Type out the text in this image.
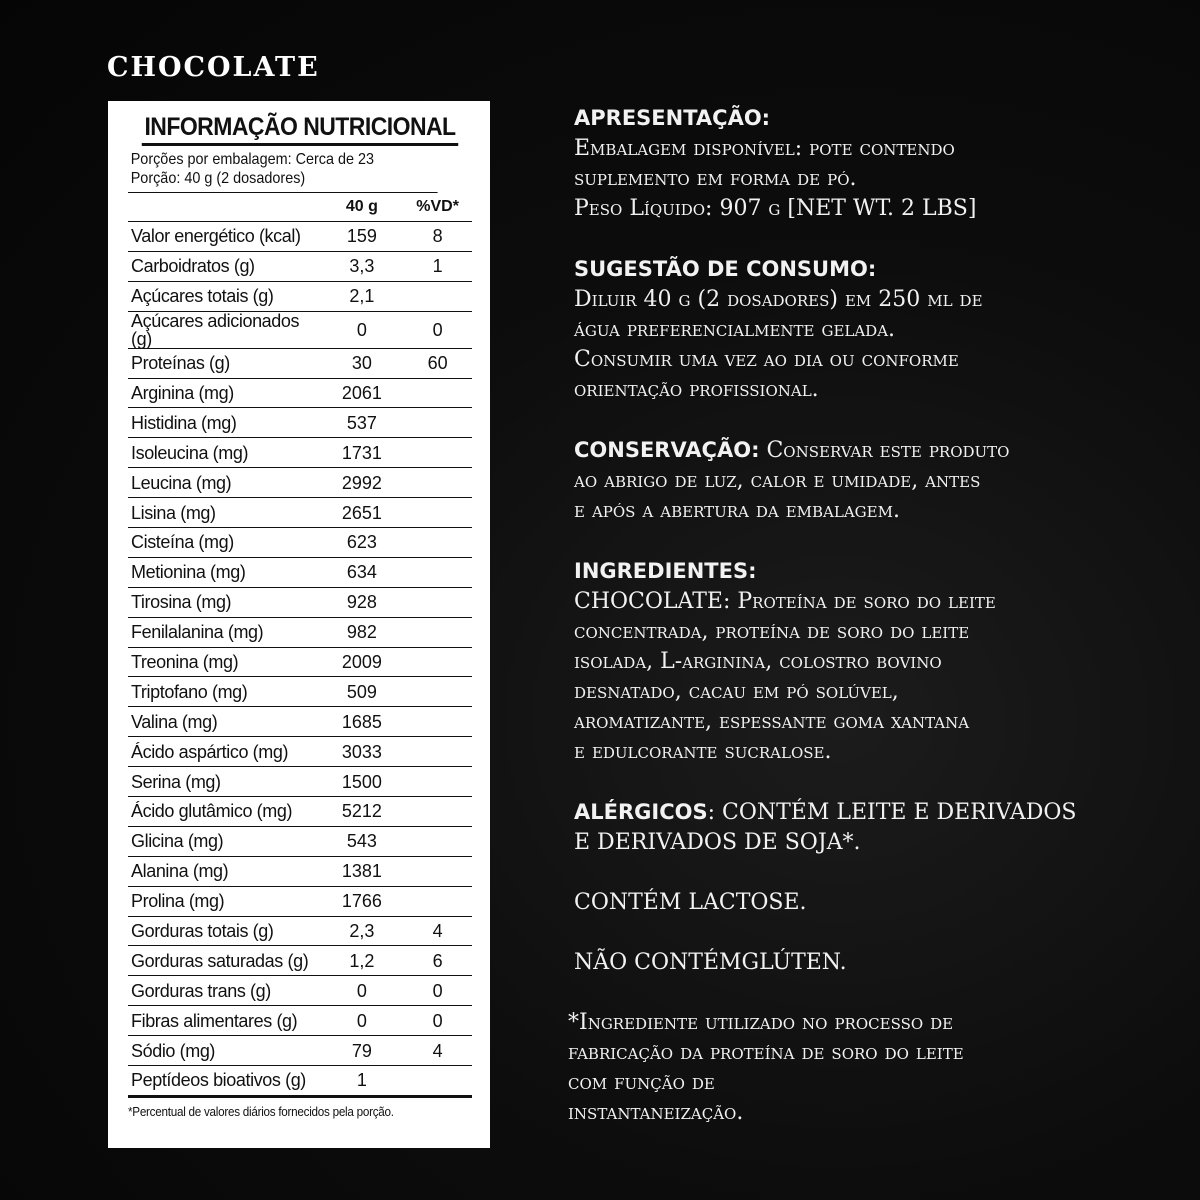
CHOCOLATE
INFORMAÇÃO NUTRICIONAL
Porções por embalagem: Cerca de 23
Porção: 40 g (2 dosadores)
	40 g	%VD*
Valor energético (kcal)	159	8
Carboidratos (g)	3,3	1
Açúcares totais (g)	2,1	
Açúcares adicionados (g)	0	0
Proteínas (g)	30	60
Arginina (mg)	2061	
Histidina (mg)	537	
Isoleucina (mg)	1731	
Leucina (mg)	2992	
Lisina (mg)	2651	
Cisteína (mg)	623	
Metionina (mg)	634	
Tirosina (mg)	928	
Fenilalanina (mg)	982	
Treonina (mg)	2009	
Triptofano (mg)	509	
Valina (mg)	1685	
Ácido aspártico (mg)	3033	
Serina (mg)	1500	
Ácido glutâmico (mg)	5212	
Glicina (mg)	543	
Alanina (mg)	1381	
Prolina (mg)	1766	
Gorduras totais (g)	2,3	4
Gorduras saturadas (g)	1,2	6
Gorduras trans (g)	0	0
Fibras alimentares (g)	0	0
Sódio (mg)	79	4
Peptídeos bioativos (g)	1	
*Percentual de valores diários fornecidos pela porção.

APRESENTAÇÃO:
Embalagem disponível: pote contendo
suplemento em forma de pó.
Peso Líquido: 907 g [NET WT. 2 LBS]

SUGESTÃO DE CONSUMO:
Diluir 40 g (2 dosadores) em 250 ml de
água preferencialmente gelada.
Consumir uma vez ao dia ou conforme
orientação profissional.

CONSERVAÇÃO: Conservar este produto
ao abrigo de luz, calor e umidade, antes
e após a abertura da embalagem.

INGREDIENTES:
CHOCOLATE: Proteína de soro do leite
concentrada, proteína de soro do leite
isolada, L-arginina, colostro bovino
desnatado, cacau em pó solúvel,
aromatizante, espessante goma xantana
e edulcorante sucralose.

ALÉRGICOS: CONTÉM LEITE E DERIVADOS
E DERIVADOS DE SOJA*.

CONTÉM LACTOSE.

NÃO CONTÉMGLÚTEN.

*Ingrediente utilizado no processo de
fabricação da proteína de soro do leite
com função de
instantaneização.
